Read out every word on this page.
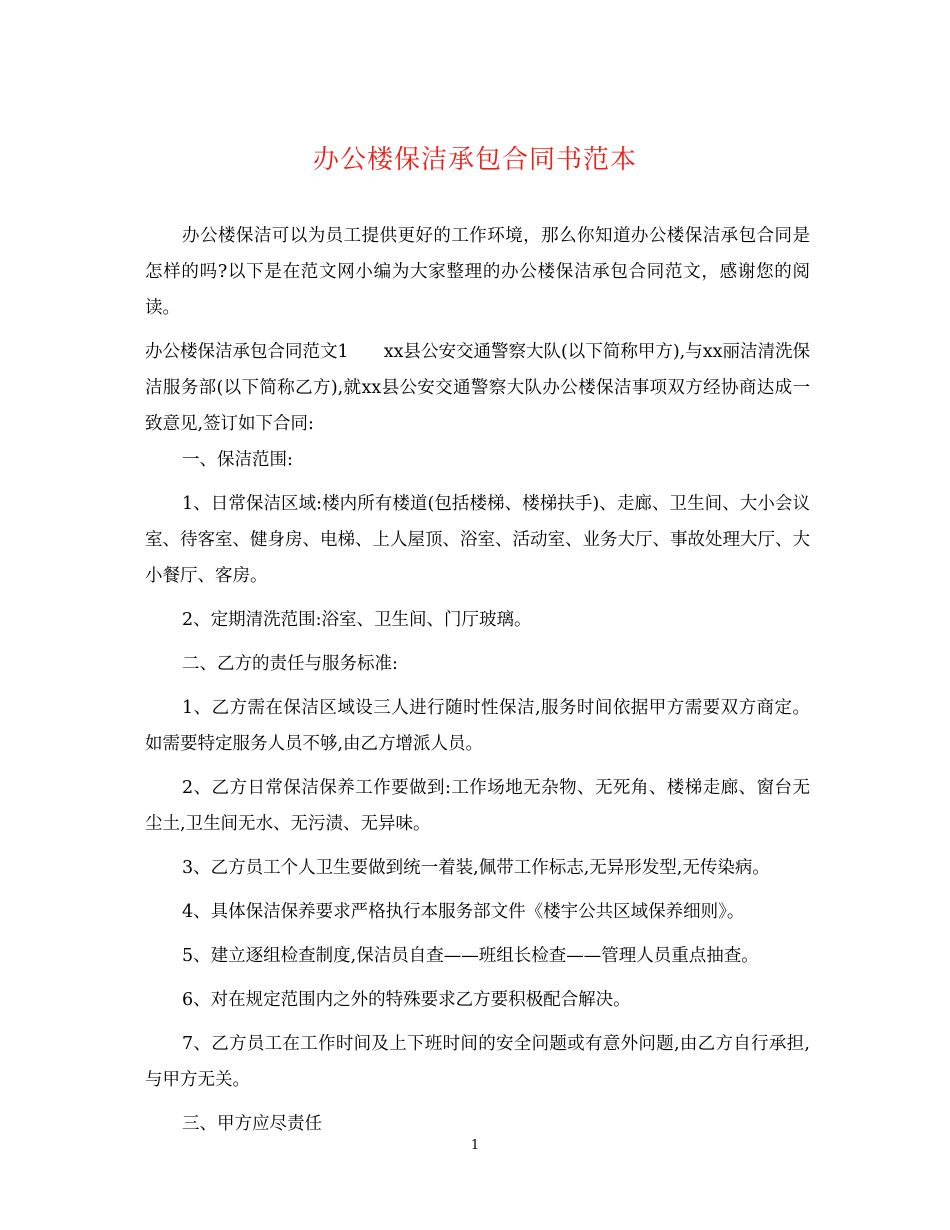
办公楼保洁承包合同书范本

办公楼保洁可以为员工提供更好的工作环境，那么你知道办公楼保洁承包合同是怎样的吗?以下是在范文网小编为大家整理的办公楼保洁承包合同范文，感谢您的阅读。

办公楼保洁承包合同范文1　　xx县公安交通警察大队(以下简称甲方),与xx丽洁清洗保洁服务部(以下简称乙方),就xx县公安交通警察大队办公楼保洁事项双方经协商达成一致意见,签订如下合同:

一、保洁范围:

1、日常保洁区域:楼内所有楼道(包括楼梯、楼梯扶手)、走廊、卫生间、大小会议室、待客室、健身房、电梯、上人屋顶、浴室、活动室、业务大厅、事故处理大厅、大小餐厅、客房。

2、定期清洗范围:浴室、卫生间、门厅玻璃。

二、乙方的责任与服务标准:

1、乙方需在保洁区域设三人进行随时性保洁,服务时间依据甲方需要双方商定。如需要特定服务人员不够,由乙方增派人员。

2、乙方日常保洁保养工作要做到:工作场地无杂物、无死角、楼梯走廊、窗台无尘土,卫生间无水、无污渍、无异味。

3、乙方员工个人卫生要做到统一着装,佩带工作标志,无异形发型,无传染病。

4、具体保洁保养要求严格执行本服务部文件《楼宇公共区域保养细则》。

5、建立逐组检查制度,保洁员自查——班组长检查——管理人员重点抽查。

6、对在规定范围内之外的特殊要求乙方要积极配合解决。

7、乙方员工在工作时间及上下班时间的安全问题或有意外问题,由乙方自行承担,与甲方无关。

三、甲方应尽责任

1
